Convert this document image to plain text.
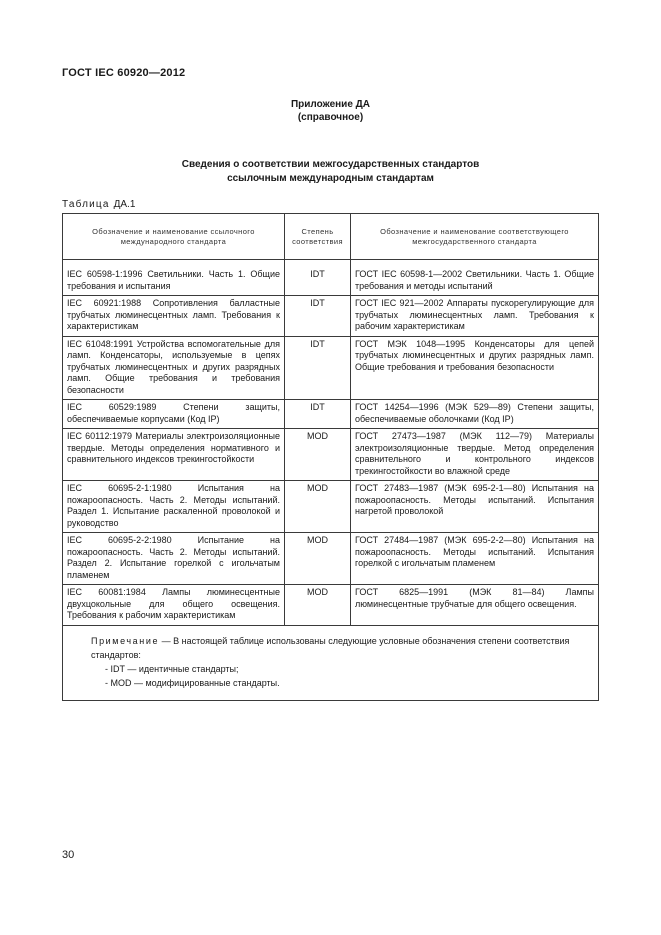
ГОСТ IEC 60920—2012
Приложение ДА
(справочное)
Сведения о соответствии межгосударственных стандартов
ссылочным международным стандартам
Таблица ДА.1
Обозначение и наименование ссылочного международного стандарта	Степень соответствия	Обозначение и наименование соответствующего межгосударственного стандарта

IEC 60598-1:1996 Светильники. Часть 1. Общие требования и испытания	IDT	ГОСТ IEC 60598-1—2002 Светильники. Часть 1. Общие требования и методы испытаний
IEC 60921:1988 Сопротивления балластные трубчатых люминесцентных ламп. Требования к характеристикам	IDT	ГОСТ IEC 921—2002 Аппараты пускорегулирующие для трубчатых люминесцентных ламп. Требования к рабочим характеристикам
IEC 61048:1991 Устройства вспомогательные для ламп. Конденсаторы, используемые в цепях трубчатых люминесцентных и других разрядных ламп. Общие требования и требования безопасности	IDT	ГОСТ МЭК 1048—1995 Конденсаторы для цепей трубчатых люминесцентных и других разрядных ламп. Общие требования и требования безопасности
IEC 60529:1989 Степени защиты, обеспечиваемые корпусами (Код IP)	IDT	ГОСТ 14254—1996 (МЭК 529—89) Степени защиты, обеспечиваемые оболочками (Код IP)
IEC 60112:1979 Материалы электроизоляционные твердые. Методы определения нормативного и сравнительного индексов трекингостойкости	MOD	ГОСТ 27473—1987 (МЭК 112—79) Материалы электроизоляционные твердые. Метод определения сравнительного и контрольного индексов трекингостойкости во влажной среде
IEC 60695-2-1:1980 Испытания на пожароопасность. Часть 2. Методы испытаний. Раздел 1. Испытание раскаленной проволокой и руководство	MOD	ГОСТ 27483—1987 (МЭК 695-2-1—80) Испытания на пожароопасность. Методы испытаний. Испытания нагретой проволокой
IEC 60695-2-2:1980 Испытание на пожароопасность. Часть 2. Методы испытаний. Раздел 2. Испытание горелкой с игольчатым пламенем	MOD	ГОСТ 27484—1987 (МЭК 695-2-2—80) Испытания на пожароопасность. Методы испытаний. Испытания горелкой с игольчатым пламенем
IEC 60081:1984 Лампы люминесцентные двухцокольные для общего освещения. Требования к рабочим характеристикам	MOD	ГОСТ 6825—1991 (МЭК 81—84) Лампы люминесцентные трубчатые для общего освещения.

Примечание — В настоящей таблице использованы следующие условные обозначения степени соответствия стандартов:
- IDT — идентичные стандарты;
- MOD — модифицированные стандарты.		
30
